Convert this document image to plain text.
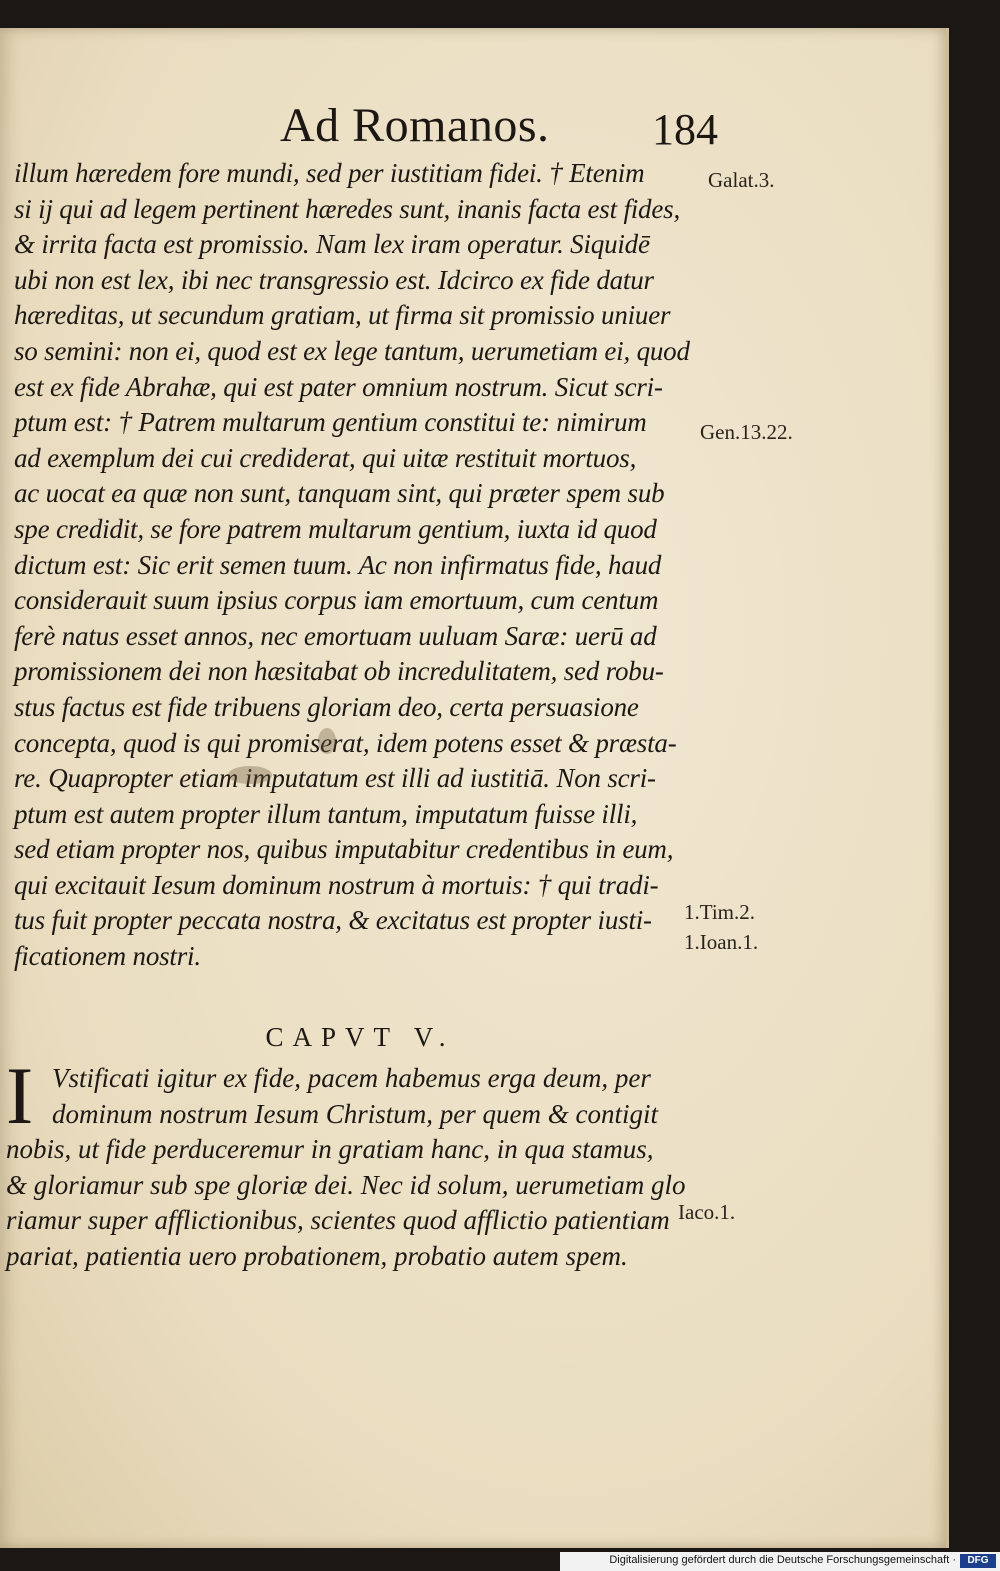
Ad Romanos. 184
illum hæredem fore mundi, sed per iustitiam fidei. † Etenim
si ij qui ad legem pertinent hæredes sunt, inanis facta est fides,
& irrita facta est promissio. Nam lex iram operatur. Siquidē
ubi non est lex, ibi nec transgressio est. Idcirco ex fide datur
hæreditas, ut secundum gratiam, ut firma sit promissio uniuer
so semini: non ei, quod est ex lege tantum, uerumetiam ei, quod
est ex fide Abrahæ, qui est pater omnium nostrum. Sicut scri-
ptum est: † Patrem multarum gentium constitui te: nimirum
ad exemplum dei cui crediderat, qui uitæ restituit mortuos,
ac uocat ea quæ non sunt, tanquam sint, qui præter spem sub
spe credidit, se fore patrem multarum gentium, iuxta id quod
dictum est: Sic erit semen tuum. Ac non infirmatus fide, haud
considerauit suum ipsius corpus iam emortuum, cum centum
ferè natus esset annos, nec emortuam uuluam Saræ: uerū ad
promissionem dei non hæsitabat ob incredulitatem, sed robu-
stus factus est fide tribuens gloriam deo, certa persuasione
concepta, quod is qui promiserat, idem potens esset & præsta-
re. Quapropter etiam imputatum est illi ad iustitiā. Non scri-
ptum est autem propter illum tantum, imputatum fuisse illi,
sed etiam propter nos, quibus imputabitur credentibus in eum,
qui excitauit Iesum dominum nostrum à mortuis: † qui tradi-
tus fuit propter peccata nostra, & excitatus est propter iusti-
ficationem nostri.
CAPVT V.
I Vstificati igitur ex fide, pacem habemus erga deum, per
dominum nostrum Iesum Christum, per quem & contigit
nobis, ut fide perduceremur in gratiam hanc, in qua stamus,
& gloriamur sub spe gloriæ dei. Nec id solum, uerumetiam glo
riamur super afflictionibus, scientes quod afflictio patientiam
pariat, patientia uero probationem, probatio autem spem.
Galat.3.
Gen.13.22.
1.Tim.2.
1.Ioan.1.
Iaco.1.
Digitalisierung gefördert durch die Deutsche Forschungsgemeinschaft ·	DFG
